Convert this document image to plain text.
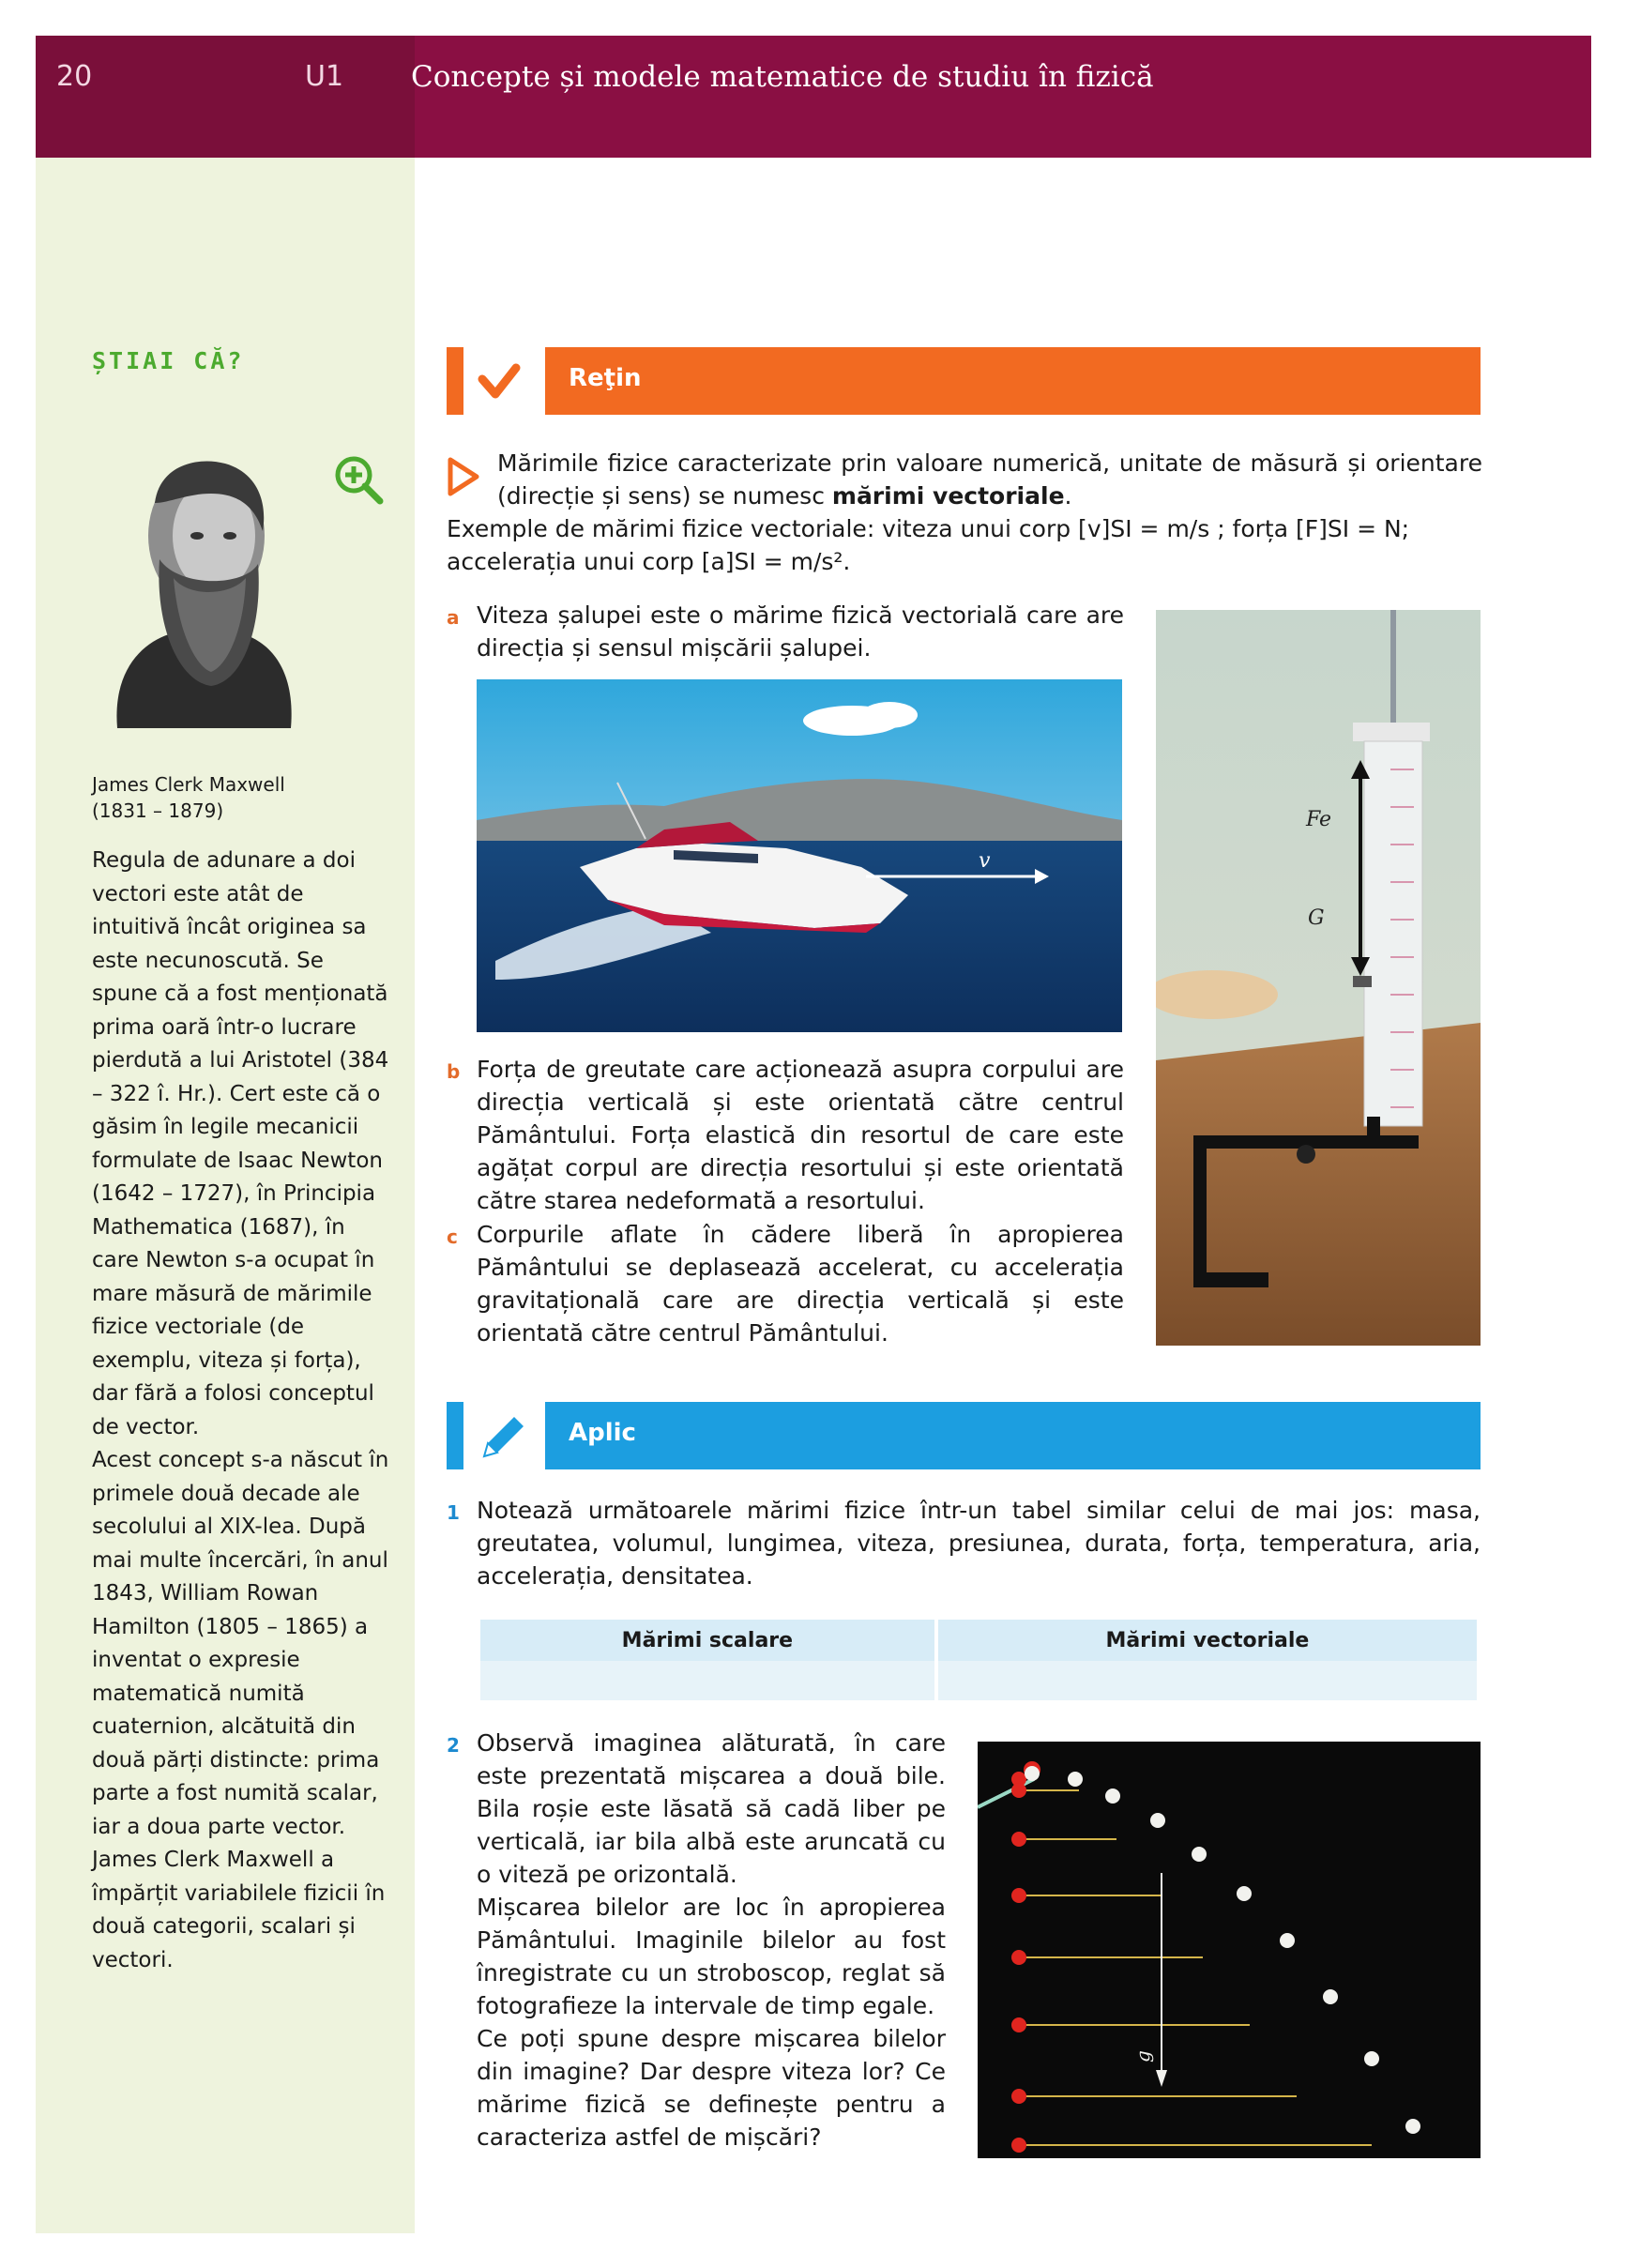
20	U1 Concepte și modele matematice de studiu în fizică
ȘTIAI CĂ?
James Clerk Maxwell
(1831 – 1879)

Regula de adunare a doi vectori este atât de intuitivă încât originea sa este necunoscută. Se spune că a fost menționată prima oară într-o lucrare pierdută a lui Aristotel (384 – 322 î. Hr.). Cert este că o găsim în legile mecanicii formulate de Isaac Newton (1642 – 1727), în Principia Mathematica (1687), în care Newton s-a ocupat în mare măsură de mărimile fizice vectoriale (de exemplu, viteza și forța), dar fără a folosi conceptul de vector.

Acest concept s-a născut în primele două decade ale secolului al XIX-lea. După mai multe încercări, în anul 1843, William Rowan Hamilton (1805 – 1865) a inventat o expresie matematică numită cuaternion, alcătuită din două părți distincte: prima parte a fost numită scalar, iar a doua parte vector.

James Clerk Maxwell a împărțit variabilele fizicii în două categorii, scalari și vectori.

Reţin
Mărimile fizice caracterizate prin valoare numerică, unitate de măsură și orientare (direcție și sens) se numesc mărimi vectoriale.
Exemple de mărimi fizice vectoriale: viteza unui corp [v]SI = m/s ; forța [F]SI = N; accelerația unui corp [a]SI = m/s².
a Viteza șalupei este o mărime fizică vectorială care are direcția și sensul mișcării șalupei.
v
Fe
G
b Forța de greutate care acționează asupra corpului are direcția verticală și este orientată către centrul Pământului. Forța elastică din resortul de care este agățat corpul are direcția resortului și este orientată către starea nedeformată a resortului.
c Corpurile aflate în cădere liberă în apropierea Pământului se deplasează accelerat, cu accelerația gravitațională care are direcția verticală și este orientată către centrul Pământului.
Aplic
1 Notează următoarele mărimi fizice într-un tabel similar celui de mai jos: masa, greutatea, volumul, lungimea, viteza, presiunea, durata, forța, temperatura, aria, accelerația, densitatea.
Mărimi scalare	Mărimi vectoriale

2 Observă imaginea alăturată, în care este prezentată mișcarea a două bile. Bila roșie este lăsată să cadă liber pe verticală, iar bila albă este aruncată cu o viteză pe orizontală.

Mișcarea bilelor are loc în apropierea Pământului. Imaginile bilelor au fost înregistrate cu un stroboscop, reglat să fotografieze la intervale de timp egale.

Ce poți spune despre mișcarea bilelor din imagine? Dar despre viteza lor? Ce mărime fizică se definește pentru a caracteriza astfel de mișcări?

g
